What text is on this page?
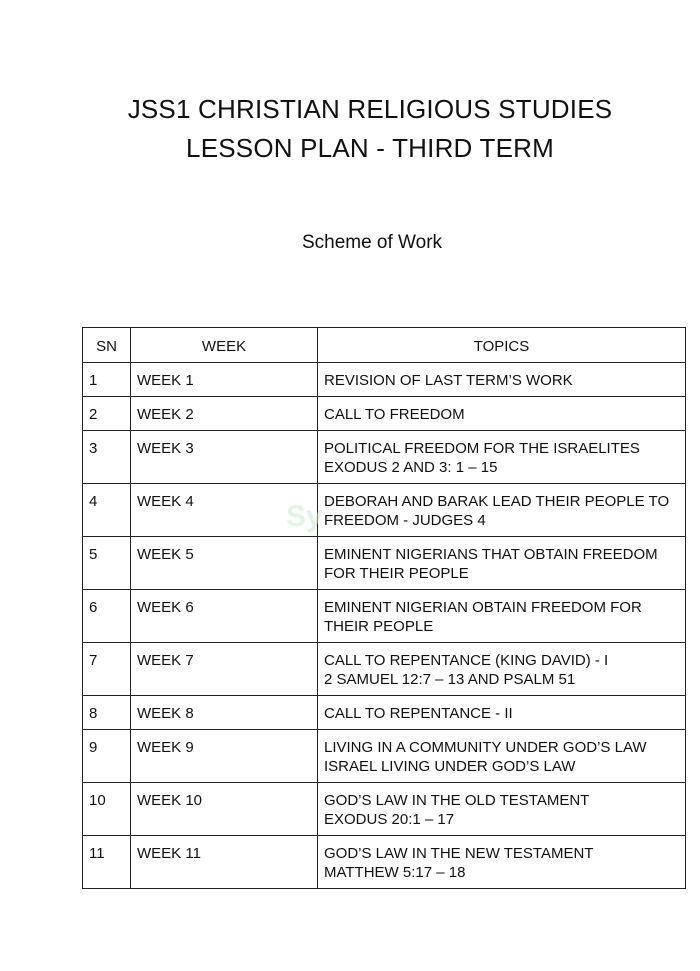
JSS1 CHRISTIAN RELIGIOUS STUDIES
LESSON PLAN - THIRD TERM
Scheme of Work
SN	WEEK	TOPICS
1	WEEK 1	REVISION OF LAST TERM’S WORK

2	WEEK 2	CALL TO FREEDOM

3	WEEK 3	POLITICAL FREEDOM FOR THE ISRAELITES
EXODUS 2 AND 3: 1 – 15

4	WEEK 4	DEBORAH AND BARAK LEAD THEIR PEOPLE TO
FREEDOM - JUDGES 4

5	WEEK 5	EMINENT NIGERIANS THAT OBTAIN FREEDOM
FOR THEIR PEOPLE

6	WEEK 6	EMINENT NIGERIAN OBTAIN FREEDOM FOR
THEIR PEOPLE

7	WEEK 7	CALL TO REPENTANCE (KING DAVID) - I
2 SAMUEL 12:7 – 13 AND PSALM 51

8	WEEK 8	CALL TO REPENTANCE - II

9	WEEK 9	LIVING IN A COMMUNITY UNDER GOD’S LAW
ISRAEL LIVING UNDER GOD’S LAW

10	WEEK 10	GOD’S LAW IN THE OLD TESTAMENT
EXODUS 20:1 – 17

11	WEEK 11	GOD’S LAW IN THE NEW TESTAMENT
MATTHEW 5:17 – 18
Sy
